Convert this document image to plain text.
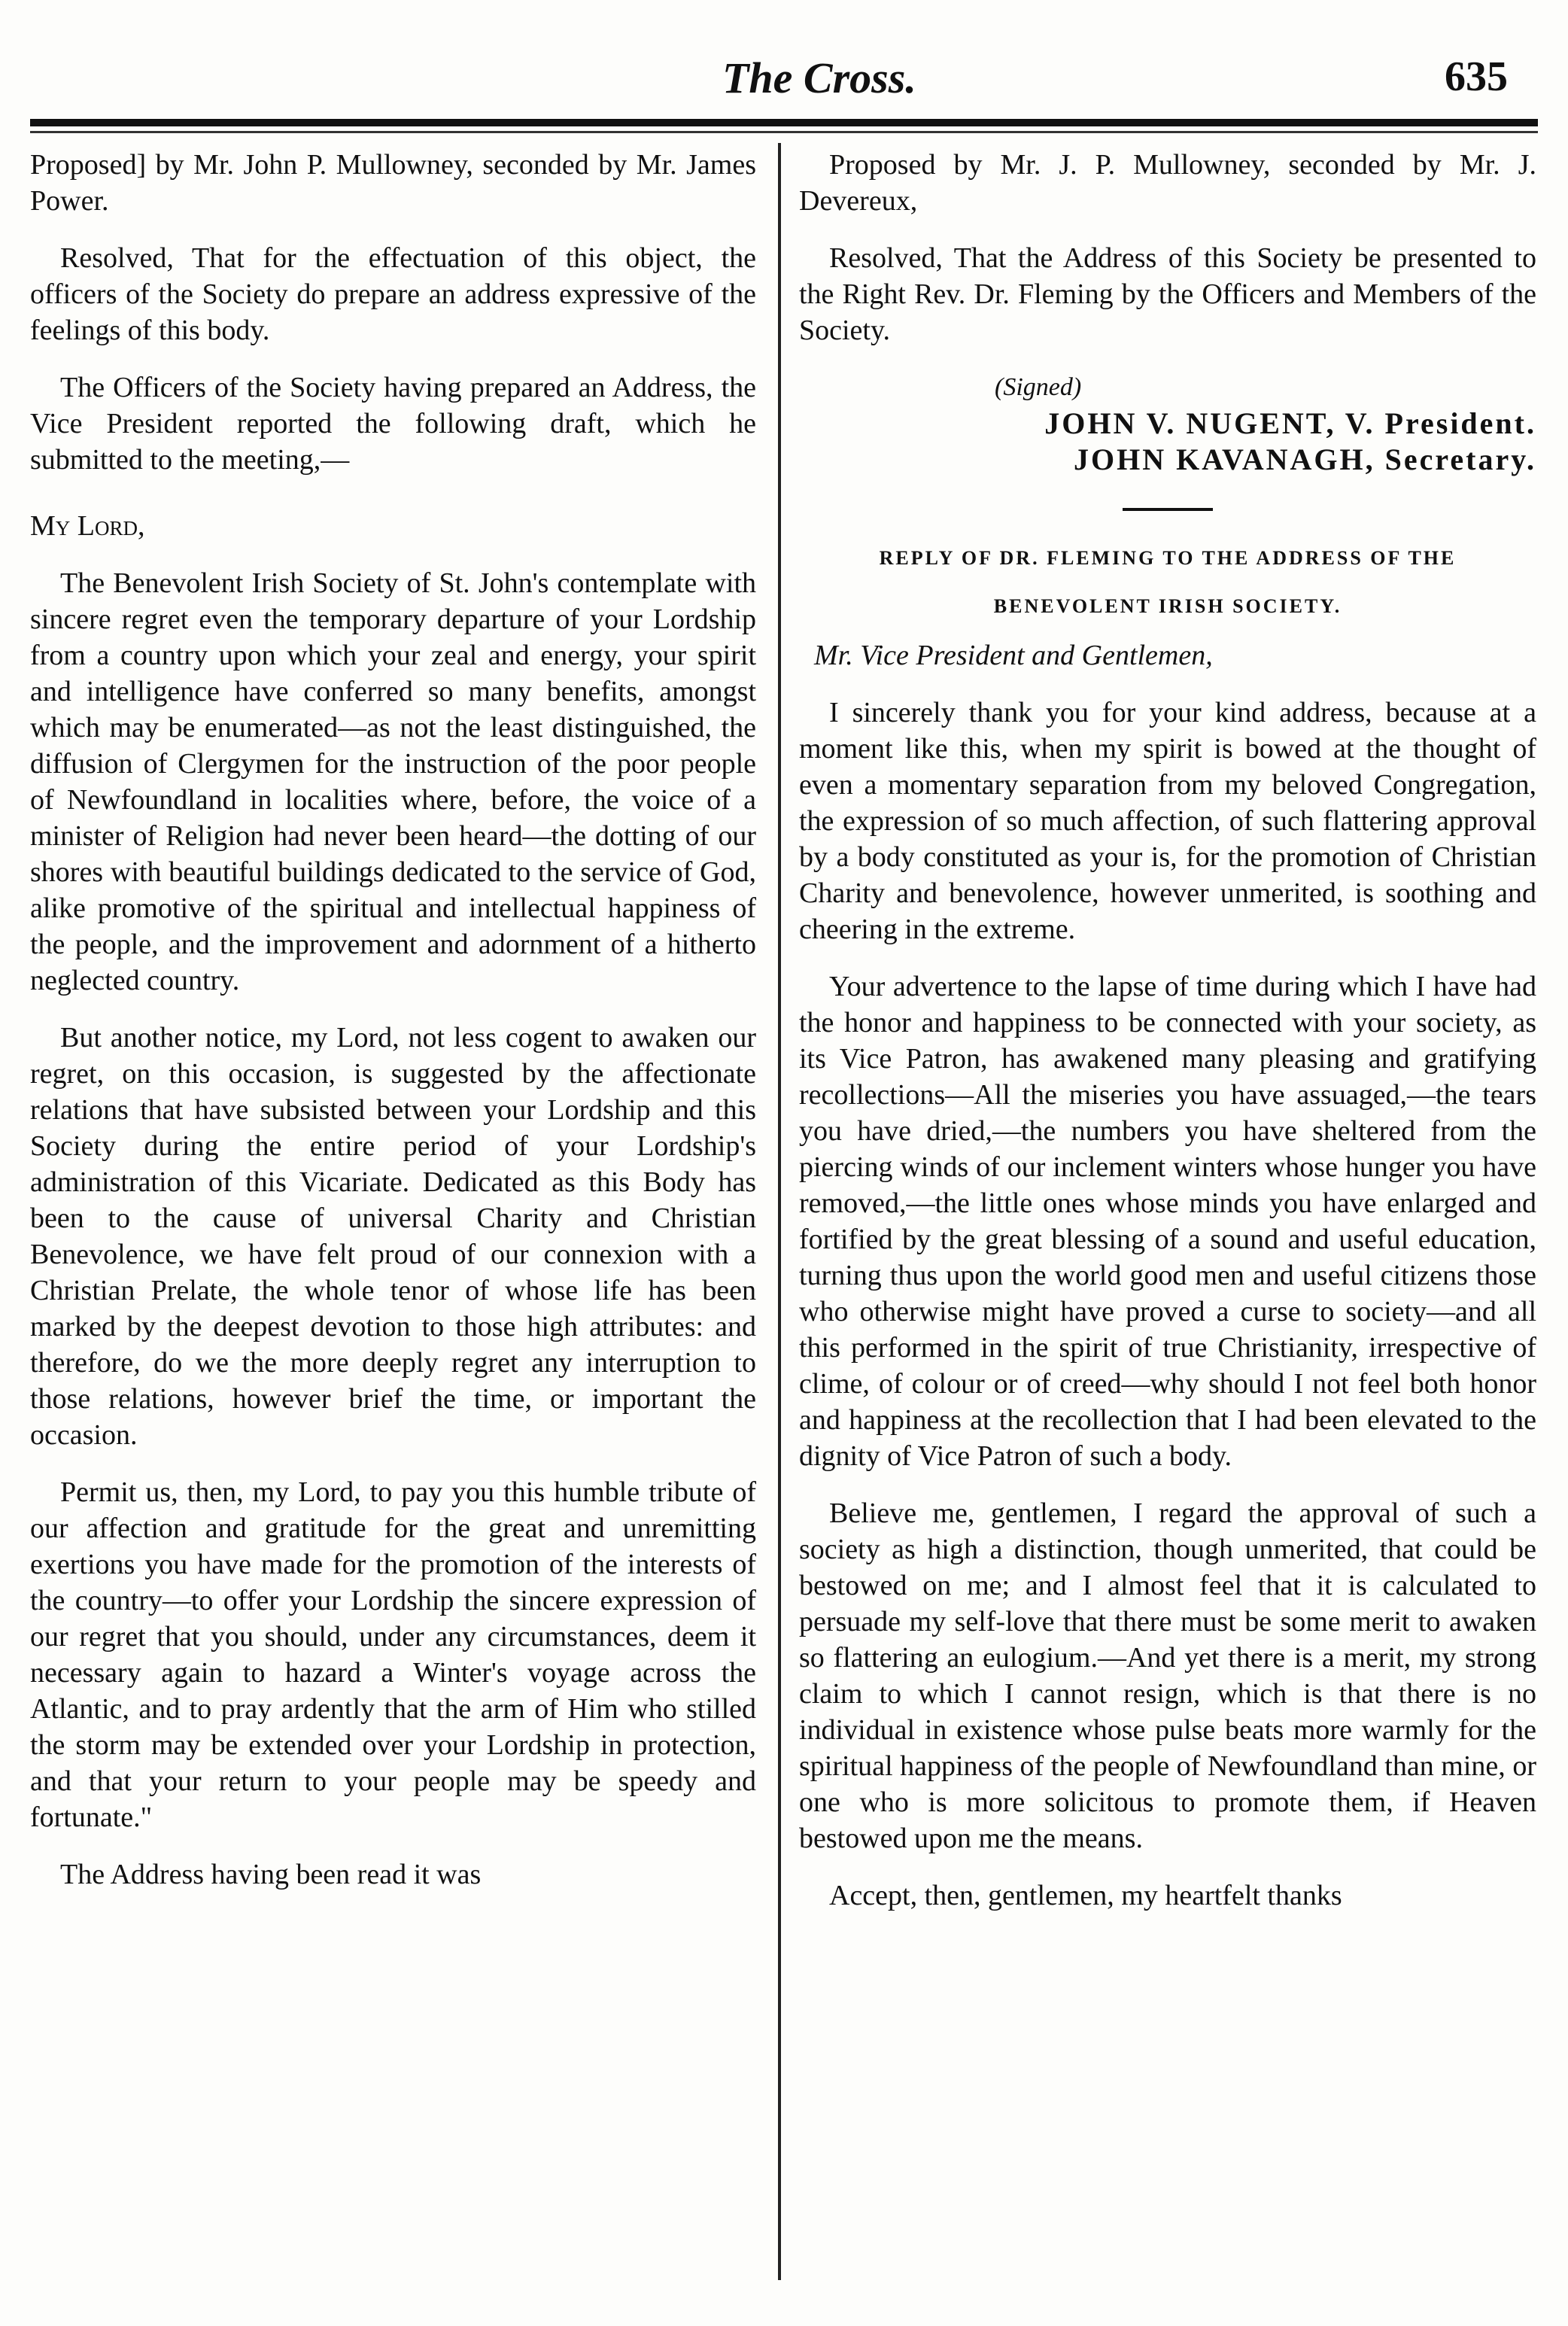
The Cross.	635

Proposed] by Mr. John P. Mullowney, seconded by Mr. James Power.

Resolved, That for the effectuation of this object, the officers of the Society do prepare an address expressive of the feelings of this body.

The Officers of the Society having prepared an Address, the Vice President reported the following draft, which he submitted to the meeting,—

My Lord,

The Benevolent Irish Society of St. John's contemplate with sincere regret even the temporary departure of your Lordship from a country upon which your zeal and energy, your spirit and intelligence have conferred so many benefits, amongst which may be enumerated—as not the least distinguished, the diffusion of Clergymen for the instruction of the poor people of Newfoundland in localities where, before, the voice of a minister of Religion had never been heard—the dotting of our shores with beautiful buildings dedicated to the service of God, alike promotive of the spiritual and intellectual happiness of the people, and the improvement and adornment of a hitherto neglected country.

But another notice, my Lord, not less cogent to awaken our regret, on this occasion, is suggested by the affectionate relations that have subsisted between your Lordship and this Society during the entire period of your Lordship's administration of this Vicariate. Dedicated as this Body has been to the cause of universal Charity and Christian Benevolence, we have felt proud of our connexion with a Christian Prelate, the whole tenor of whose life has been marked by the deepest devotion to those high attributes: and therefore, do we the more deeply regret any interruption to those relations, however brief the time, or important the occasion.

Permit us, then, my Lord, to pay you this humble tribute of our affection and gratitude for the great and unremitting exertions you have made for the promotion of the interests of the country—to offer your Lordship the sincere expression of our regret that you should, under any circumstances, deem it necessary again to hazard a Winter's voyage across the Atlantic, and to pray ardently that the arm of Him who stilled the storm may be extended over your Lordship in protection, and that your return to your people may be speedy and fortunate."

The Address having been read it was

Proposed by Mr. J. P. Mullowney, seconded by Mr. J. Devereux,

Resolved, That the Address of this Society be presented to the Right Rev. Dr. Fleming by the Officers and Members of the Society.

(Signed)

JOHN V. NUGENT, V. President.

JOHN KAVANAGH, Secretary.

REPLY OF DR. FLEMING TO THE ADDRESS OF THE

BENEVOLENT IRISH SOCIETY.

Mr. Vice President and Gentlemen,

I sincerely thank you for your kind address, because at a moment like this, when my spirit is bowed at the thought of even a momentary separation from my beloved Congregation, the expression of so much affection, of such flattering approval by a body constituted as your is, for the promotion of Christian Charity and benevolence, however unmerited, is soothing and cheering in the extreme.

Your advertence to the lapse of time during which I have had the honor and happiness to be connected with your society, as its Vice Patron, has awakened many pleasing and gratifying recollections—All the miseries you have assuaged,—the tears you have dried,—the numbers you have sheltered from the piercing winds of our inclement winters whose hunger you have removed,—the little ones whose minds you have enlarged and fortified by the great blessing of a sound and useful education, turning thus upon the world good men and useful citizens those who otherwise might have proved a curse to society—and all this performed in the spirit of true Christianity, irrespective of clime, of colour or of creed—why should I not feel both honor and happiness at the recollection that I had been elevated to the dignity of Vice Patron of such a body.

Believe me, gentlemen, I regard the approval of such a society as high a distinction, though unmerited, that could be bestowed on me; and I almost feel that it is calculated to persuade my self-love that there must be some merit to awaken so flattering an eulogium.—And yet there is a merit, my strong claim to which I cannot resign, which is that there is no individual in existence whose pulse beats more warmly for the spiritual happiness of the people of Newfoundland than mine, or one who is more solicitous to promote them, if Heaven bestowed upon me the means.

Accept, then, gentlemen, my heartfelt thanks
